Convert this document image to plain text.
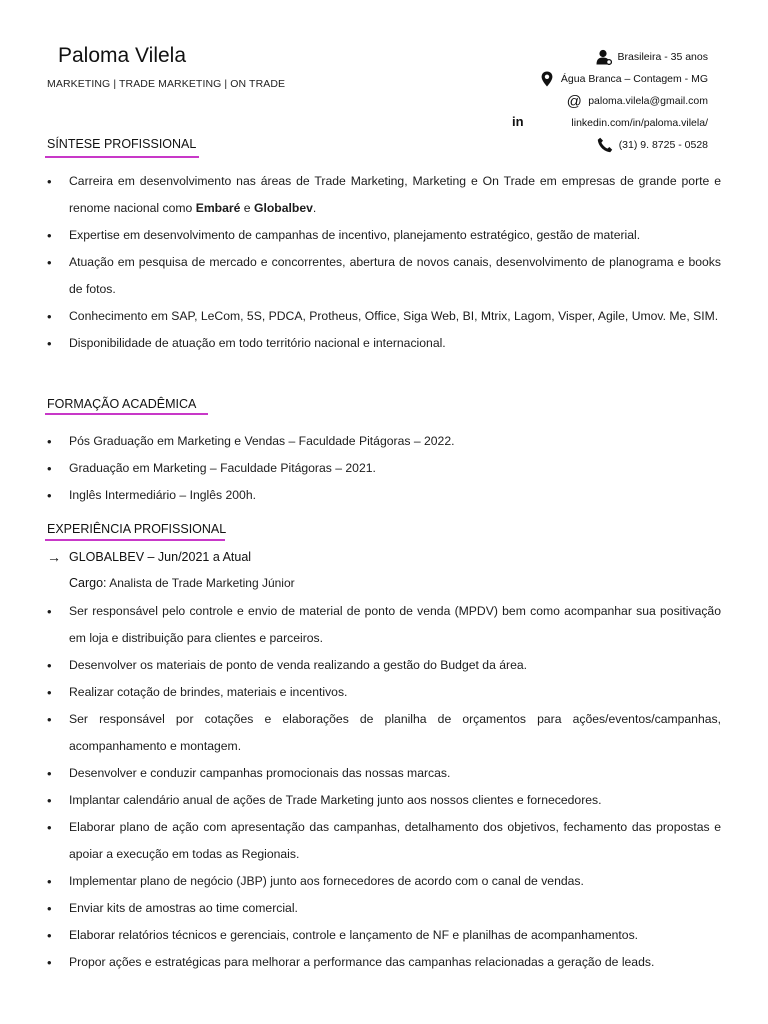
Paloma Vilela
MARKETING | TRADE MARKETING | ON TRADE
Brasileira - 35 anos
Água Branca – Contagem - MG
@ paloma.vilela@gmail.com
linkedin.com/in/paloma.vilela/
(31) 9. 8725 - 0528
in
SÍNTESE PROFISSIONAL
• Carreira em desenvolvimento nas áreas de Trade Marketing, Marketing e On Trade em empresas de grande porte e renome nacional como Embaré e Globalbev.
• Expertise em desenvolvimento de campanhas de incentivo, planejamento estratégico, gestão de material.
• Atuação em pesquisa de mercado e concorrentes, abertura de novos canais, desenvolvimento de planograma e books de fotos.
• Conhecimento em SAP, LeCom, 5S, PDCA, Protheus, Office, Siga Web, BI, Mtrix, Lagom, Visper, Agile, Umov. Me, SIM.
• Disponibilidade de atuação em todo território nacional e internacional.
FORMAÇÃO ACADÊMICA
• Pós Graduação em Marketing e Vendas – Faculdade Pitágoras – 2022.
• Graduação em Marketing – Faculdade Pitágoras – 2021.
• Inglês Intermediário – Inglês 200h.
EXPERIÊNCIA PROFISSIONAL
→ GLOBALBEV – Jun/2021 a Atual
Cargo: Analista de Trade Marketing Júnior
• Ser responsável pelo controle e envio de material de ponto de venda (MPDV) bem como acompanhar sua positivação em loja e distribuição para clientes e parceiros.
• Desenvolver os materiais de ponto de venda realizando a gestão do Budget da área.
• Realizar cotação de brindes, materiais e incentivos.
• Ser responsável por cotações e elaborações de planilha de orçamentos para ações/eventos/campanhas, acompanhamento e montagem.
• Desenvolver e conduzir campanhas promocionais das nossas marcas.
• Implantar calendário anual de ações de Trade Marketing junto aos nossos clientes e fornecedores.
• Elaborar plano de ação com apresentação das campanhas, detalhamento dos objetivos, fechamento das propostas e apoiar a execução em todas as Regionais.
• Implementar plano de negócio (JBP) junto aos fornecedores de acordo com o canal de vendas.
• Enviar kits de amostras ao time comercial.
• Elaborar relatórios técnicos e gerenciais, controle e lançamento de NF e planilhas de acompanhamentos.
• Propor ações e estratégicas para melhorar a performance das campanhas relacionadas a geração de leads.
